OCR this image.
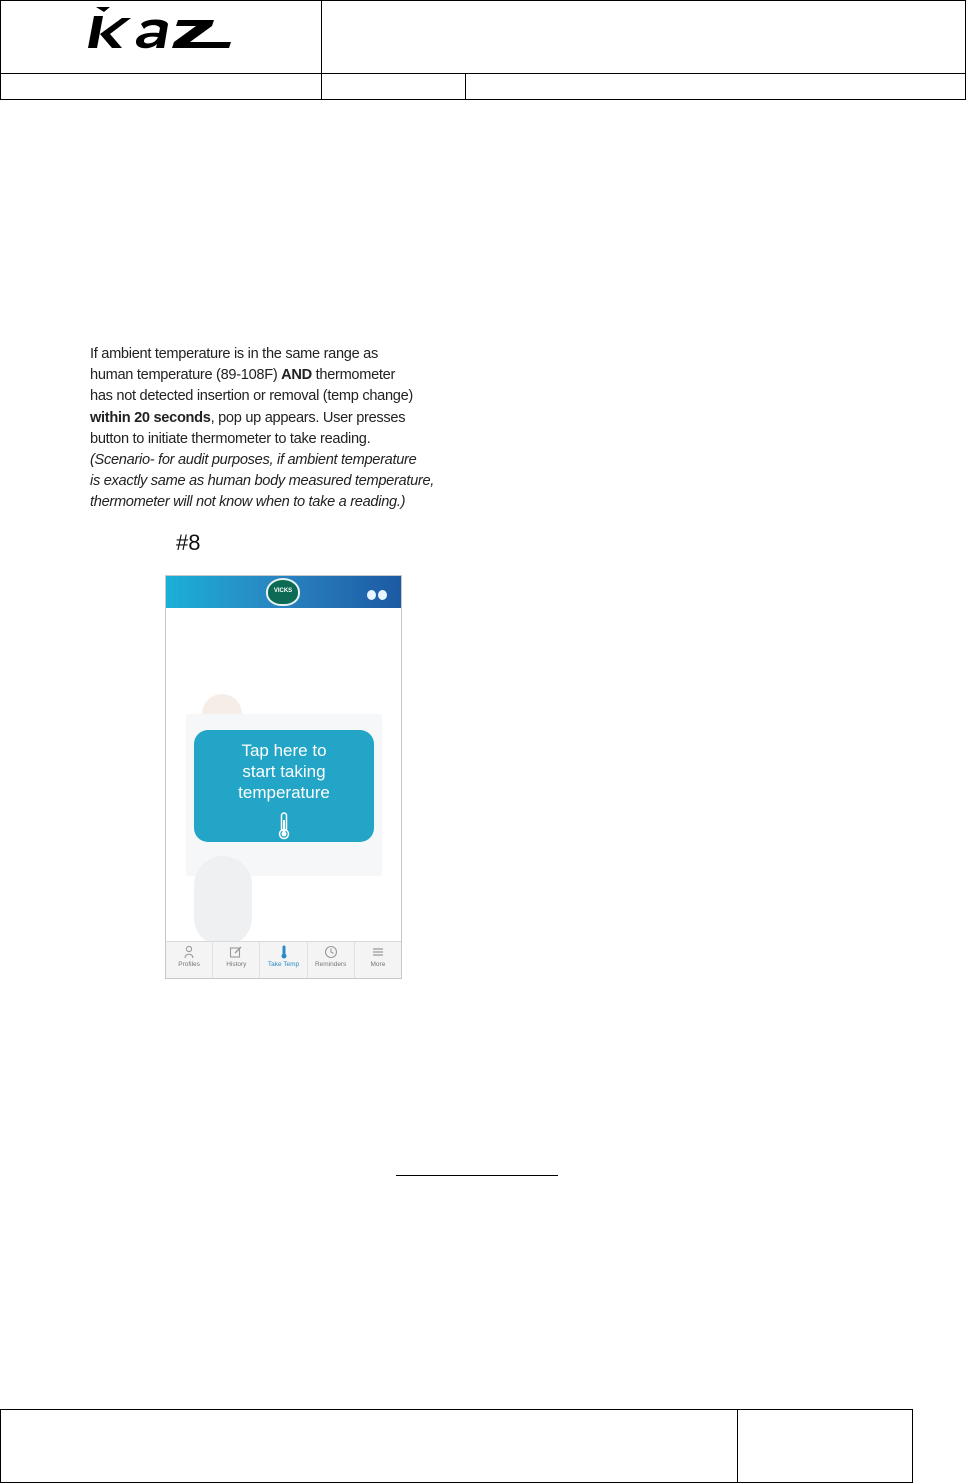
If ambient temperature is in the same range as
human temperature (89-108F) AND thermometer
has not detected insertion or removal (temp change)
within 20 seconds, pop up appears. User presses
button to initiate thermometer to take reading.
(Scenario- for audit purposes, if ambient temperature
is exactly same as human body measured temperature,
thermometer will not know when to take a reading.)
#8
VICKS
Tap here to
start taking
temperature
Profiles	History	Take Temp	Reminders	More
